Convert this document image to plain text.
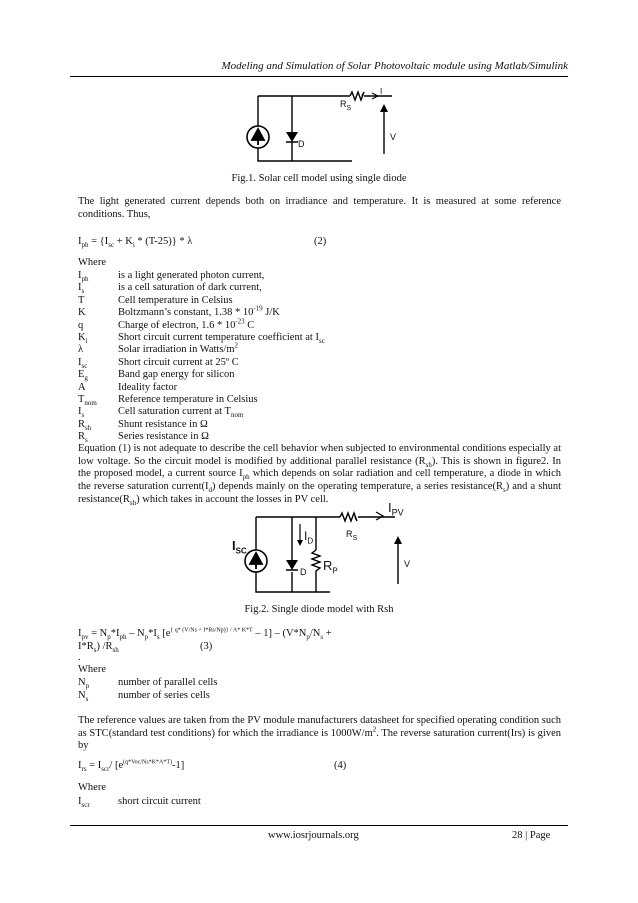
Modeling and Simulation of Solar Photovoltaic module using Matlab/Simulink
$R_S$
D
V
I
Fig.1. Solar cell model using single diode
The light generated current depends both on irradiance and temperature. It is measured at some reference conditions. Thus,
$I_{ph} = \{I_{sc} + K_i * (T-25)\} * \lambda$	(2)
Where
$I_{ph}$	is a light generated photon current,
$I_s$	is a cell saturation of dark current,
T	Cell temperature in Celsius
K	Boltzmann’s constant, $1.38 * 10^{-19}$ J/K
q	Charge of electron, $1.6 * 10^{-23}$ C
$K_i$	Short circuit current temperature coefficient at $I_{sc}$
λ	Solar irradiation in Watts/$m^2$
$I_{sc}$	Short circuit current at 25º C
$E_g$	Band gap energy for silicon
A	Ideality factor
$T_{nom}$	Reference temperature in Celsius
$I_s$	Cell saturation current at $T_{nom}$
$R_{sh}$	Shunt resistance in Ω
$R_s$	Series resistance in Ω
Equation (1) is not adequate to describe the cell behavior when subjected to environmental conditions especially at low voltage. So the circuit model is modified by additional parallel resistance $(R_{sh})$. This is shown in figure2. In the proposed model, a current source $I_{ph}$ which depends on solar radiation and cell temperature, a diode in which the reverse saturation $current(I_d)$ depends mainly on the operating temperature, a series $resistance(R_s)$ and a shunt $resistance(R_{sh})$ which takes in account the losses in PV cell.
$I_{PV}$
$R_S$
$I_{SC}$
$I_D$
D $R_P$
V
Fig.2. Single diode model with Rsh
$I_{pv} = N_p*I_{ph} - N_p*I_s$ $[e^{\{ q* (V/Ns + I*Rs/Np)\} / A* K*T} - 1] - (V*N_p/N_s$ +
$I*R_s$) $/R_{sh}$	(3)
.
Where
$N_p$	number of parallel cells
$N_s$	number of series cells
The reference values are taken from the PV module manufacturers datasheet for specified operating condition such as STC(standard test conditions) for which the irradiance is $1000W/m^2$. The reverse saturation current(Irs) is given by
$I_{rs} = I_{scr}/$ $[e^{(q*Voc/Ns*K*A*T)}-1]$	(4)
Where
$I_{scr}$	short circuit current
www.iosrjournals.org	28 | Page
